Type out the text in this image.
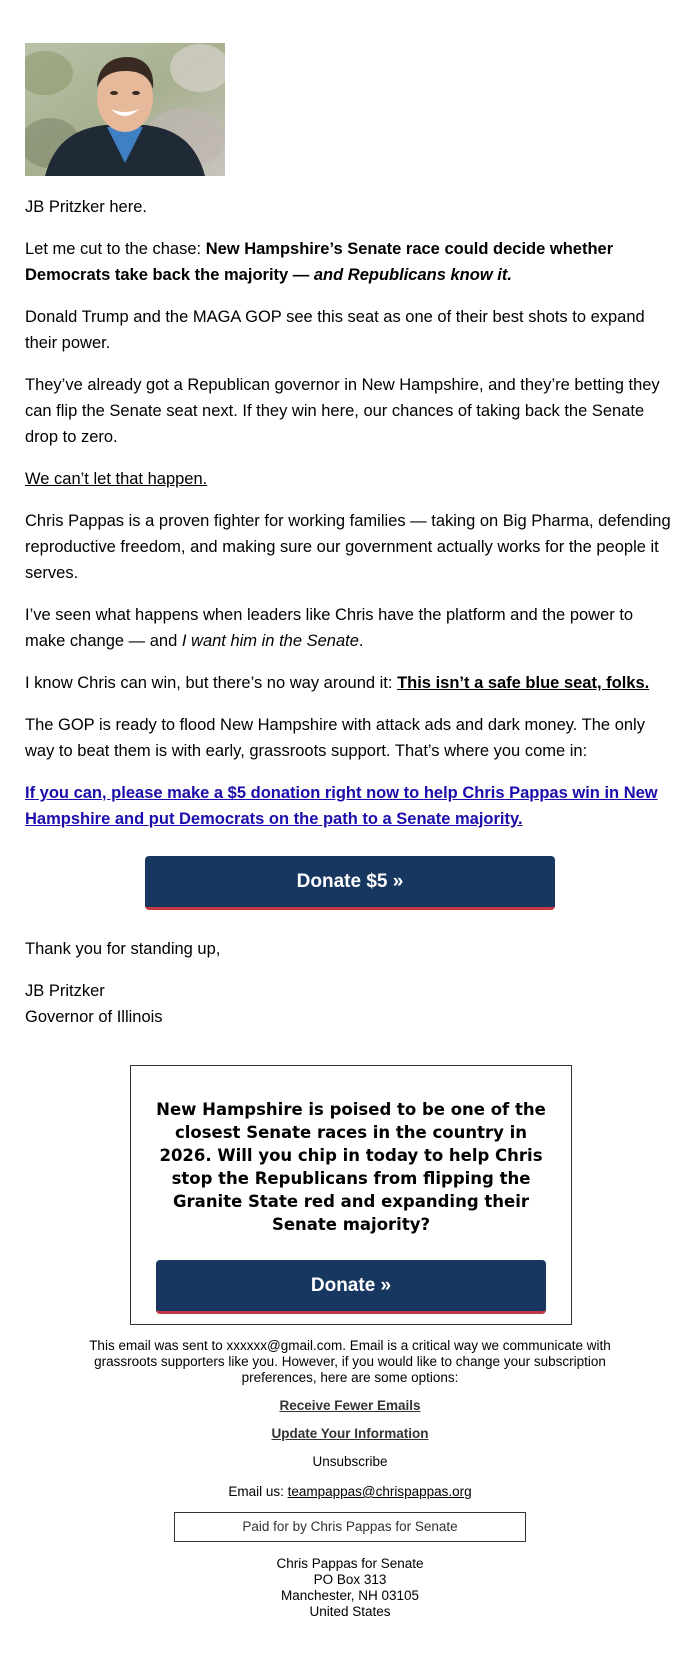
JB Pritzker here.

Let me cut to the chase: New Hampshire’s Senate race could decide whether Democrats take back the majority — and Republicans know it.

Donald Trump and the MAGA GOP see this seat as one of their best shots to expand their power.

They’ve already got a Republican governor in New Hampshire, and they’re betting they can flip the Senate seat next. If they win here, our chances of taking back the Senate drop to zero.

We can’t let that happen.

Chris Pappas is a proven fighter for working families — taking on Big Pharma, defending reproductive freedom, and making sure our government actually works for the people it serves.

I’ve seen what happens when leaders like Chris have the platform and the power to make change — and I want him in the Senate.

I know Chris can win, but there’s no way around it: This isn’t a safe blue seat, folks.

The GOP is ready to flood New Hampshire with attack ads and dark money. The only way to beat them is with early, grassroots support. That’s where you come in:

If you can, please make a $5 donation right now to help Chris Pappas win in New Hampshire and put Democrats on the path to a Senate majority.

Donate $5 »

Thank you for standing up,

JB Pritzker
Governor of Illinois

New Hampshire is poised to be one of the closest Senate races in the country in 2026. Will you chip in today to help Chris stop the Republicans from flipping the Granite State red and expanding their Senate majority?
Donate »

This email was sent to xxxxxx@gmail.com. Email is a critical way we communicate with grassroots supporters like you. However, if you would like to change your subscription preferences, here are some options:

Receive Fewer Emails
Update Your Information
Unsubscribe

Email us: teampappas@chrispappas.org

Paid for by Chris Pappas for Senate
Chris Pappas for Senate
PO Box 313
Manchester, NH 03105
United States
